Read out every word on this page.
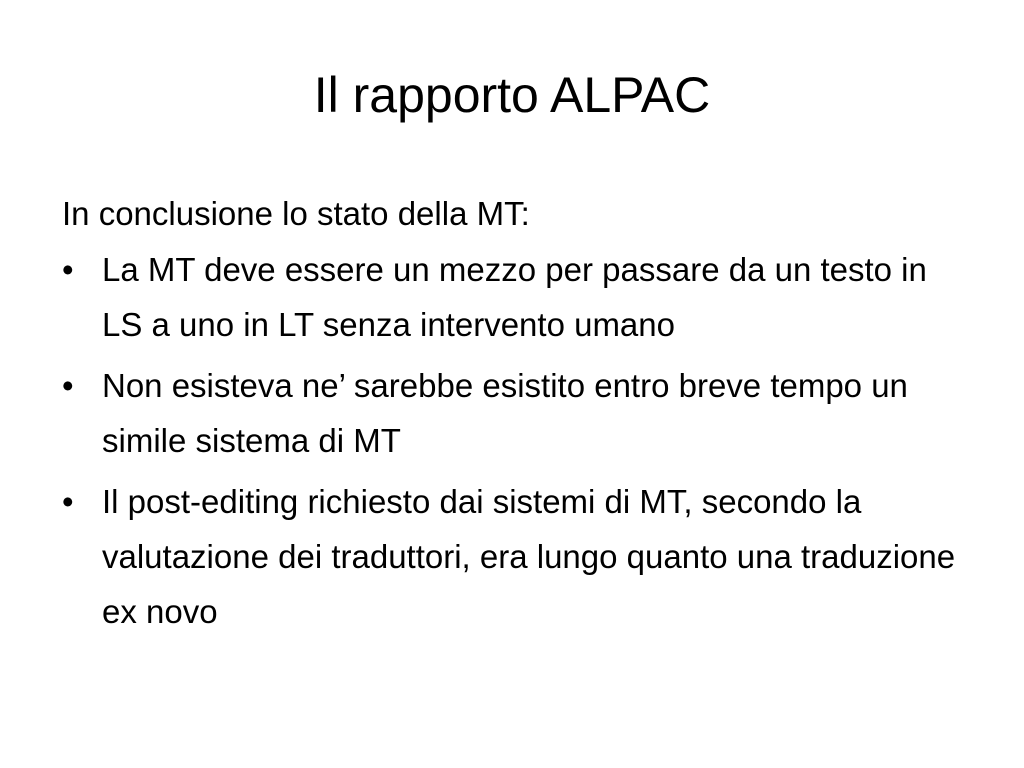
Il rapporto ALPAC

In conclusione lo stato della MT:

• La MT deve essere un mezzo per passare da un testo in LS a uno in LT senza intervento umano
• Non esisteva ne’ sarebbe esistito entro breve tempo un simile sistema di MT
• Il post-editing richiesto dai sistemi di MT, secondo la valutazione dei traduttori, era lungo quanto una traduzione ex novo
